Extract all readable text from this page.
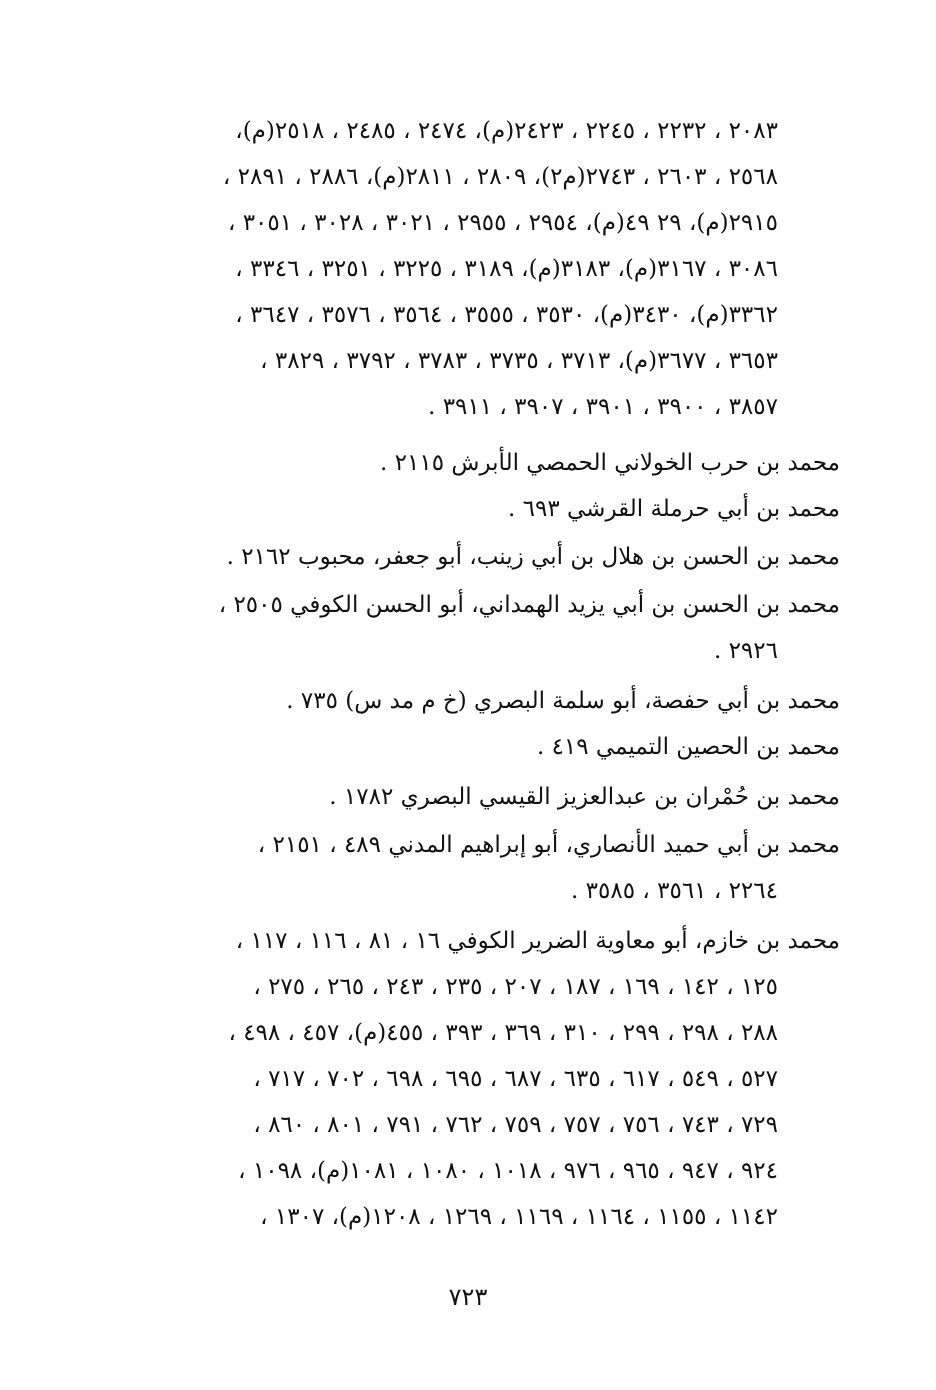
٢٠٨٣ ، ٢٢٣٢ ، ٢٢٤٥ ، ٢٤٢٣(م)، ٢٤٧٤ ، ٢٤٨٥ ، ٢٥١٨(م)،
٢٥٦٨ ، ٢٦٠٣ ، ٢٧٤٣(م٢)، ٢٨٠٩ ، ٢٨١١(م)، ٢٨٨٦ ، ٢٨٩١ ،
٢٩١٥(م)، ٢٩ ٤٩(م)، ٢٩٥٤ ، ٢٩٥٥ ، ٣٠٢١ ، ٣٠٢٨ ، ٣٠٥١ ،
٣٠٨٦ ، ٣١٦٧(م)، ٣١٨٣(م)، ٣١٨٩ ، ٣٢٢٥ ، ٣٢٥١ ، ٣٣٤٦ ،
٣٣٦٢(م)، ٣٤٣٠(م)، ٣٥٣٠ ، ٣٥٥٥ ، ٣٥٦٤ ، ٣٥٧٦ ، ٣٦٤٧ ،
٣٦٥٣ ، ٣٦٧٧(م)، ٣٧١٣ ، ٣٧٣٥ ، ٣٧٨٣ ، ٣٧٩٢ ، ٣٨٢٩ ،
٣٨٥٧ ، ٣٩٠٠ ، ٣٩٠١ ، ٣٩٠٧ ، ٣٩١١ .
محمد بن حرب الخولاني الحمصي الأبرش ٢١١٥ .
محمد بن أبي حرملة القرشي ٦٩٣ .
محمد بن الحسن بن هلال بن أبي زينب، أبو جعفر، محبوب ٢١٦٢ .
محمد بن الحسن بن أبي يزيد الهمداني، أبو الحسن الكوفي ٢٥٠٥ ،
٢٩٢٦ .
محمد بن أبي حفصة، أبو سلمة البصري (خ م مد س) ٧٣٥ .
محمد بن الحصين التميمي ٤١٩ .
محمد بن حُمْران بن عبدالعزيز القيسي البصري ١٧٨٢ .
محمد بن أبي حميد الأنصاري، أبو إبراهيم المدني ٤٨٩ ، ٢١٥١ ،
٢٢٦٤ ، ٣٥٦١ ، ٣٥٨٥ .
محمد بن خازم، أبو معاوية الضرير الكوفي ١٦ ، ٨١ ، ١١٦ ، ١١٧ ،
١٢٥ ، ١٤٢ ، ١٦٩ ، ١٨٧ ، ٢٠٧ ، ٢٣٥ ، ٢٤٣ ، ٢٦٥ ، ٢٧٥ ،
٢٨٨ ، ٢٩٨ ، ٢٩٩ ، ٣١٠ ، ٣٦٩ ، ٣٩٣ ، ٤٥٥(م)، ٤٥٧ ، ٤٩٨ ،
٥٢٧ ، ٥٤٩ ، ٦١٧ ، ٦٣٥ ، ٦٨٧ ، ٦٩٥ ، ٦٩٨ ، ٧٠٢ ، ٧١٧ ،
٧٢٩ ، ٧٤٣ ، ٧٥٦ ، ٧٥٧ ، ٧٥٩ ، ٧٦٢ ، ٧٩١ ، ٨٠١ ، ٨٦٠ ،
٩٢٤ ، ٩٤٧ ، ٩٦٥ ، ٩٧٦ ، ١٠١٨ ، ١٠٨٠ ، ١٠٨١(م)، ١٠٩٨ ،
١١٤٢ ، ١١٥٥ ، ١١٦٤ ، ١١٦٩ ، ١٢٦٩ ، ١٢٠٨(م)، ١٣٠٧ ،
٧٢٣
